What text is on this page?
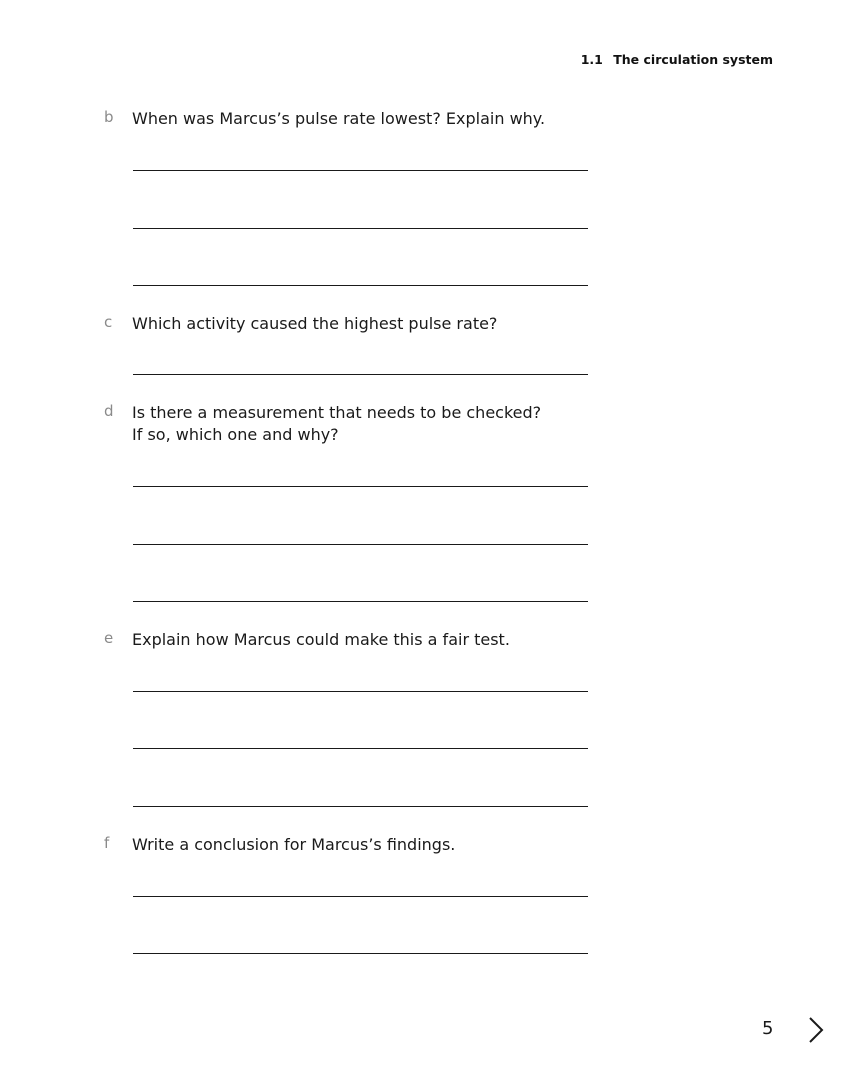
1.1 The circulation system
b When was Marcus’s pulse rate lowest? Explain why.
c Which activity caused the highest pulse rate?
d Is there a measurement that needs to be checked?
If so, which one and why?
e Explain how Marcus could make this a fair test.
f Write a conclusion for Marcus’s findings.
5
